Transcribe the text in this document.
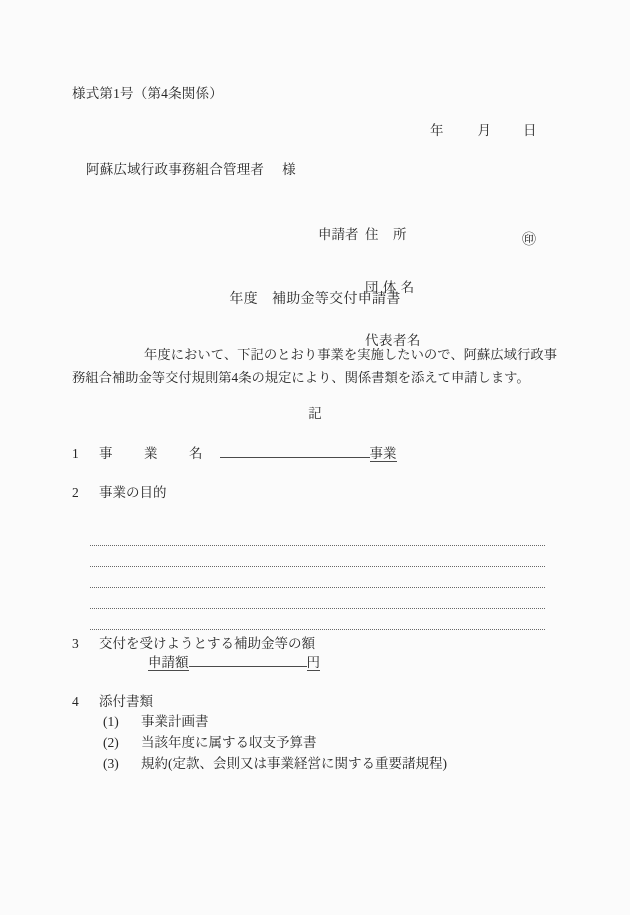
様式第1号（第4条関係）
年	月 日
阿蘇広域行政事務組合管理者 様

申請者 住　所

団 体 名

代表者名

㊞
年度 補助金等交付申請書
年度において、下記のとおり事業を実施したいので、阿蘇広域行政事務組合補助金等交付規則第4条の規定により、関係書類を添えて申請します。
記
1 事　業　名	事業
2 事業の目的
3 交付を受けようとする補助金等の額
申請額	円
4 添付書類
(1) 事業計画書
(2) 当該年度に属する収支予算書
(3) 規約(定款、会則又は事業経営に関する重要諸規程)
